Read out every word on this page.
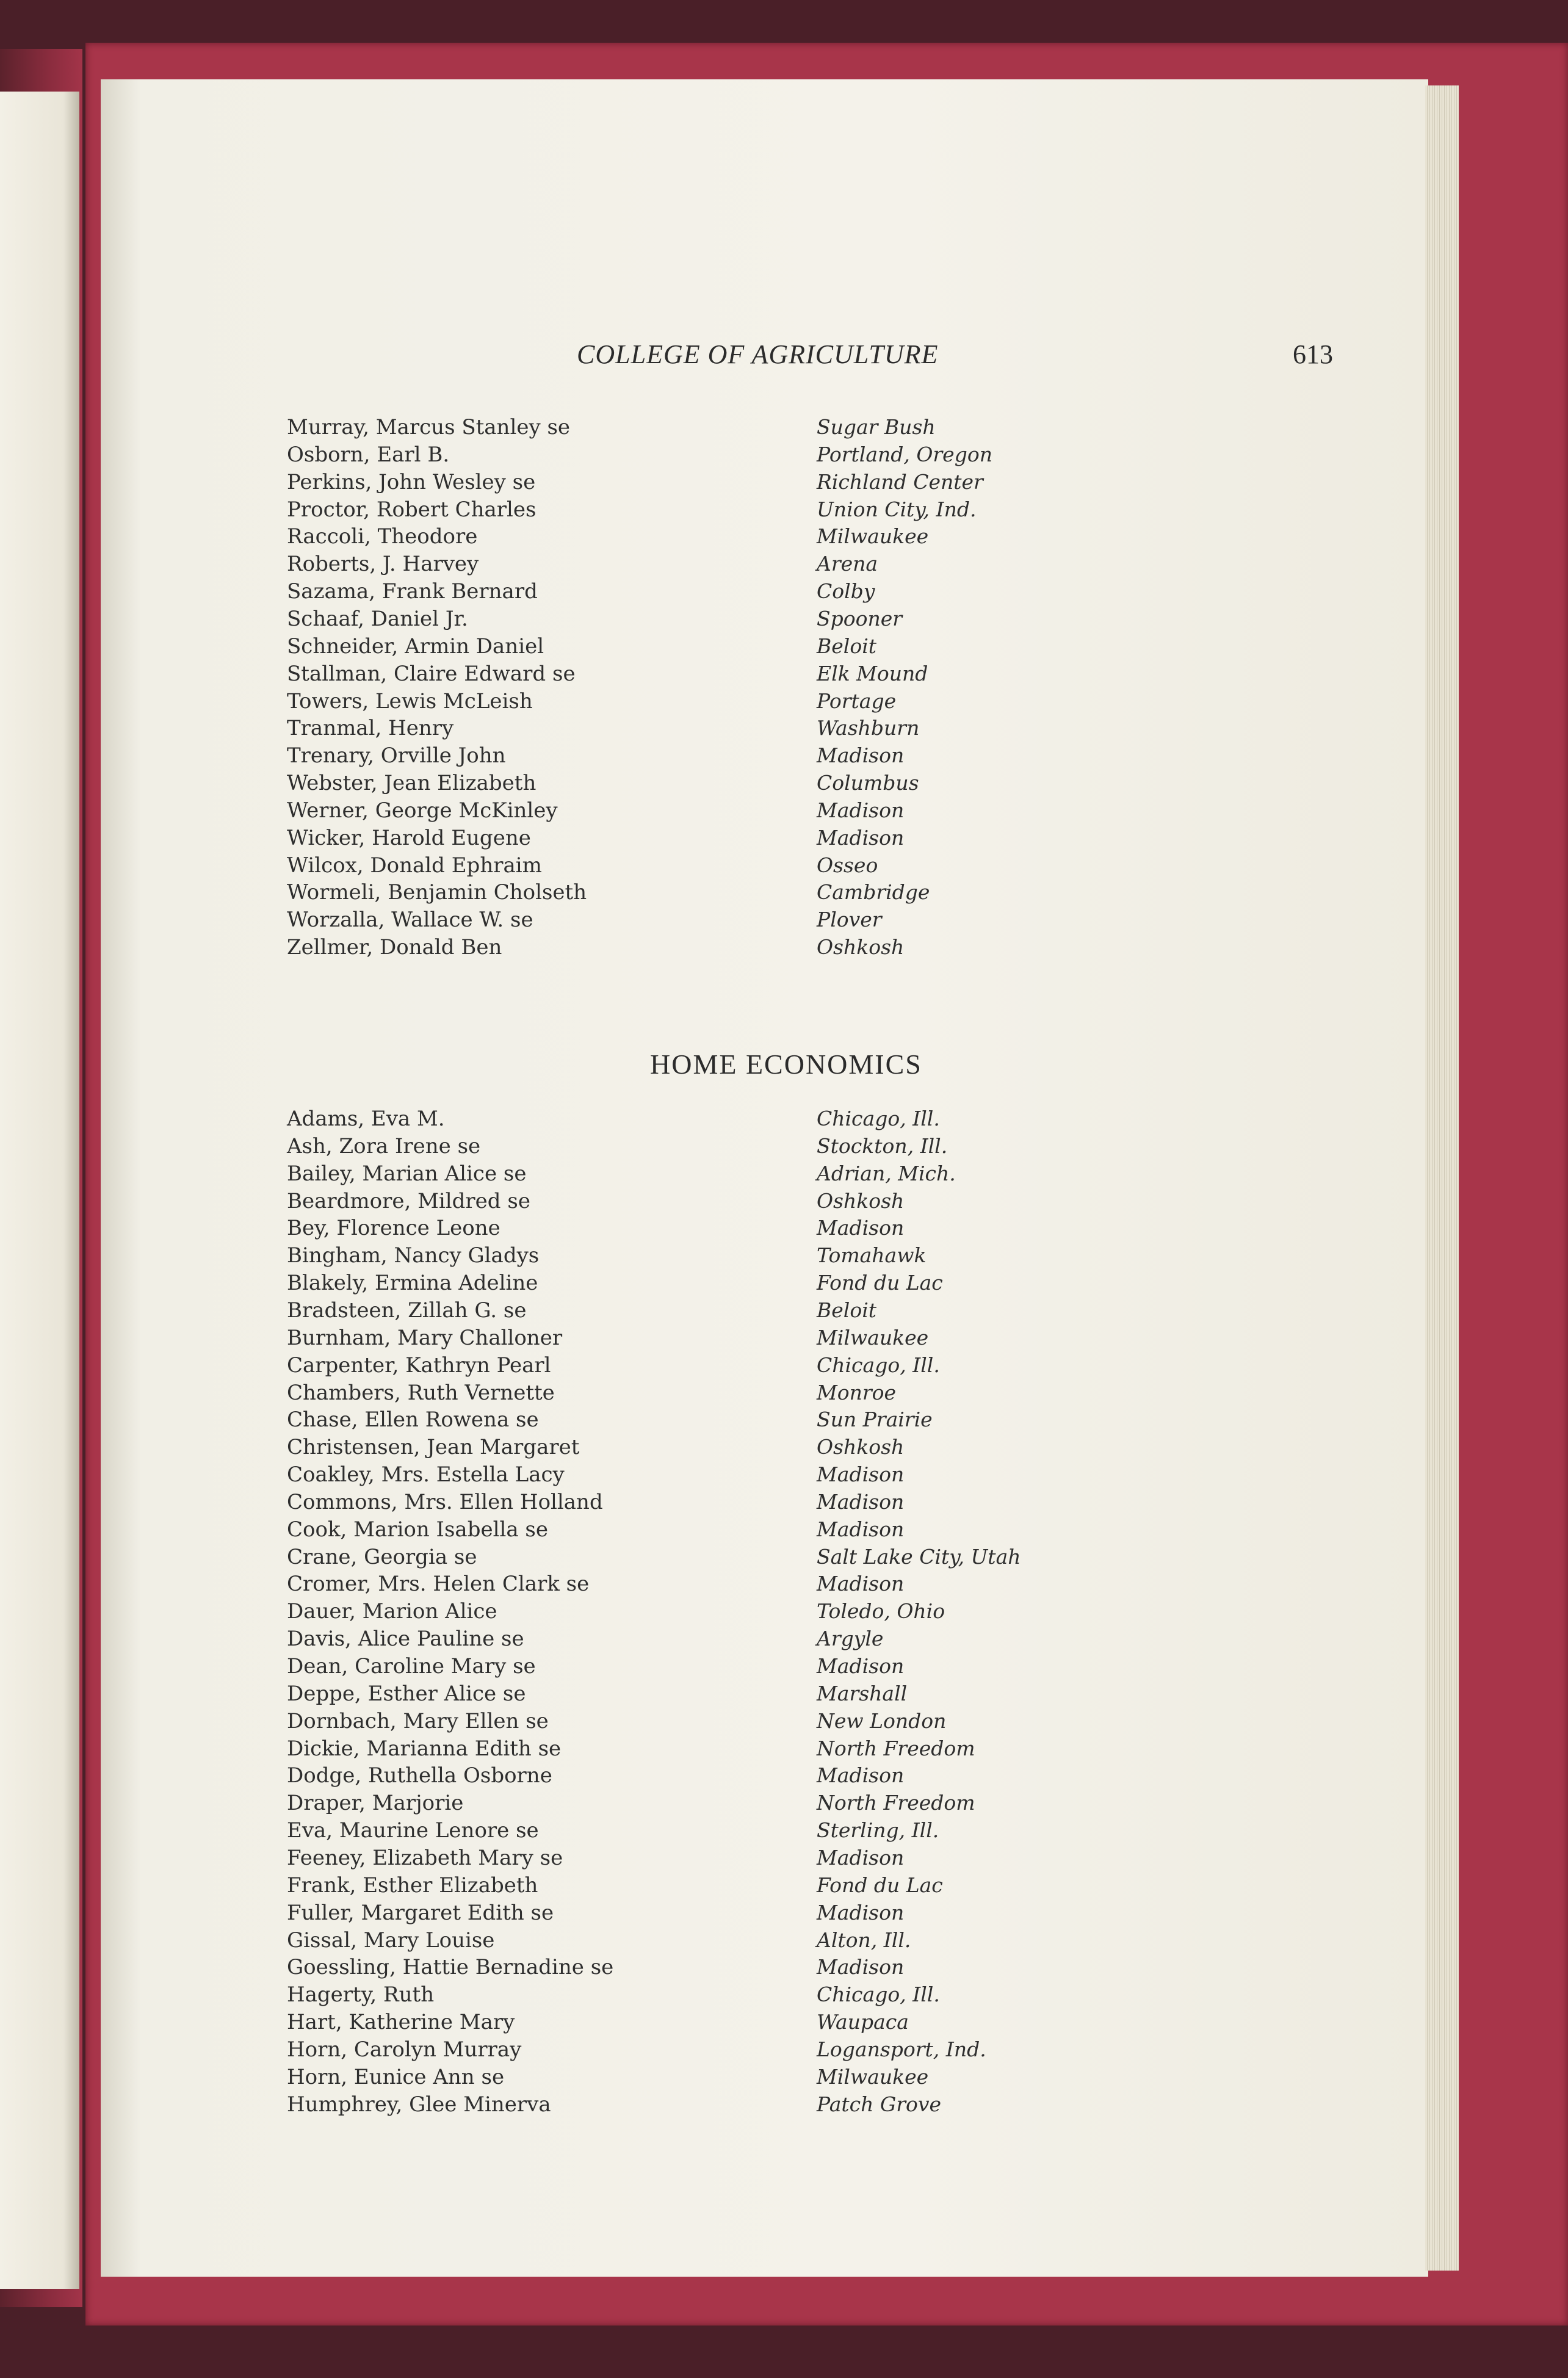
COLLEGE OF AGRICULTURE	613
Murray, Marcus Stanley se	Sugar Bush
Osborn, Earl B.	Portland, Oregon
Perkins, John Wesley se	Richland Center
Proctor, Robert Charles	Union City, Ind.
Raccoli, Theodore	Milwaukee
Roberts, J. Harvey	Arena
Sazama, Frank Bernard	Colby
Schaaf, Daniel Jr.	Spooner
Schneider, Armin Daniel	Beloit
Stallman, Claire Edward se	Elk Mound
Towers, Lewis McLeish	Portage
Tranmal, Henry	Washburn
Trenary, Orville John	Madison
Webster, Jean Elizabeth	Columbus
Werner, George McKinley	Madison
Wicker, Harold Eugene	Madison
Wilcox, Donald Ephraim	Osseo
Wormeli, Benjamin Cholseth	Cambridge
Worzalla, Wallace W. se	Plover
Zellmer, Donald Ben	Oshkosh
HOME ECONOMICS
Adams, Eva M.	Chicago, Ill.
Ash, Zora Irene se	Stockton, Ill.
Bailey, Marian Alice se	Adrian, Mich.
Beardmore, Mildred se	Oshkosh
Bey, Florence Leone	Madison
Bingham, Nancy Gladys	Tomahawk
Blakely, Ermina Adeline	Fond du Lac
Bradsteen, Zillah G. se	Beloit
Burnham, Mary Challoner	Milwaukee
Carpenter, Kathryn Pearl	Chicago, Ill.
Chambers, Ruth Vernette	Monroe
Chase, Ellen Rowena se	Sun Prairie
Christensen, Jean Margaret	Oshkosh
Coakley, Mrs. Estella Lacy	Madison
Commons, Mrs. Ellen Holland	Madison
Cook, Marion Isabella se	Madison
Crane, Georgia se	Salt Lake City, Utah
Cromer, Mrs. Helen Clark se	Madison
Dauer, Marion Alice	Toledo, Ohio
Davis, Alice Pauline se	Argyle
Dean, Caroline Mary se	Madison
Deppe, Esther Alice se	Marshall
Dornbach, Mary Ellen se	New London
Dickie, Marianna Edith se	North Freedom
Dodge, Ruthella Osborne	Madison
Draper, Marjorie	North Freedom
Eva, Maurine Lenore se	Sterling, Ill.
Feeney, Elizabeth Mary se	Madison
Frank, Esther Elizabeth	Fond du Lac
Fuller, Margaret Edith se	Madison
Gissal, Mary Louise	Alton, Ill.
Goessling, Hattie Bernadine se	Madison
Hagerty, Ruth	Chicago, Ill.
Hart, Katherine Mary	Waupaca
Horn, Carolyn Murray	Logansport, Ind.
Horn, Eunice Ann se	Milwaukee
Humphrey, Glee Minerva	Patch Grove
